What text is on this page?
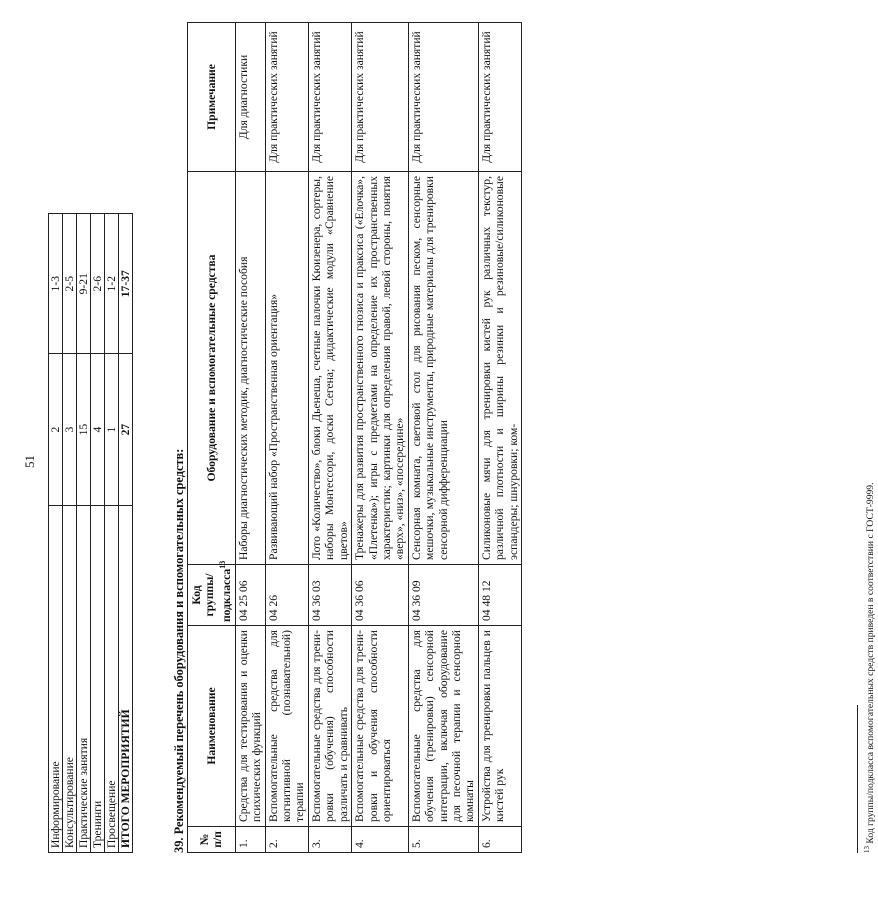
51
Информирование	2	1-3
Консультирование	3	2-5
Практические занятия	15	9-21
Тренинги	4	2-6
Просвещение	1	1-2
ИТОГО МЕРОПРИЯТИЙ	27	17-37
39. Рекомендуемый перечень оборудования и вспомогательных средств: № п/п	Наименование	Код группы/ подкласса$^{13}$	Оборудование и вспомогательные средства	Примечание
1.	Средства для тестирования и оценки психических функций	04 25 06	Наборы диагностических методик, диагностические пособия	Для диагностики
2.	Вспомогательные средства для когнитивной (познавательной) терапии	04 26	Развивающий набор «Пространственная ориентация»	Для практических занятий
3.	Вспомогательные средства для тренировки (обучения) способности различать и сравнивать	04 36 03	Лото «Количество», блоки Дьенеша, счетные палочки Кюизенера, сортеры, наборы Монтессори, доски Сегена; дидактические модули «Сравнение цветов»	Для практических занятий
4.	Вспомогательные средства для тренировки и обучения способности ориентироваться	04 36 06	Тренажеры для развития пространственного гнозиса и праксиса («Елочка», «Плетенка»); игры с предметами на определение их пространственных характеристик; картинки для определения правой, левой стороны, понятия «верх», «низ», «посередине»	Для практических занятий
5.	Вспомогательные средства для обучения (тренировки) сенсорной интеграции, включая оборудование для песочной терапии и сенсорной комнаты	04 36 09	Сенсорная комната, световой стол для рисования песком, сенсорные мешочки, музыкальные инструменты, природные материалы для тренировки сенсорной дифференциации	Для практических занятий
6.	Устройства для тренировки пальцев и кистей рук	04 48 12	Силиконовые мячи для тренировки кистей рук различных текстур, различной плотности и ширины резинки и резиновые/силиконовые эспандеры; шнуровки; ком-	Для практических занятий
$^{13}$ Код группы/подкласса вспомогательных средств приведен в соответствии с ГОСТ-9999.
